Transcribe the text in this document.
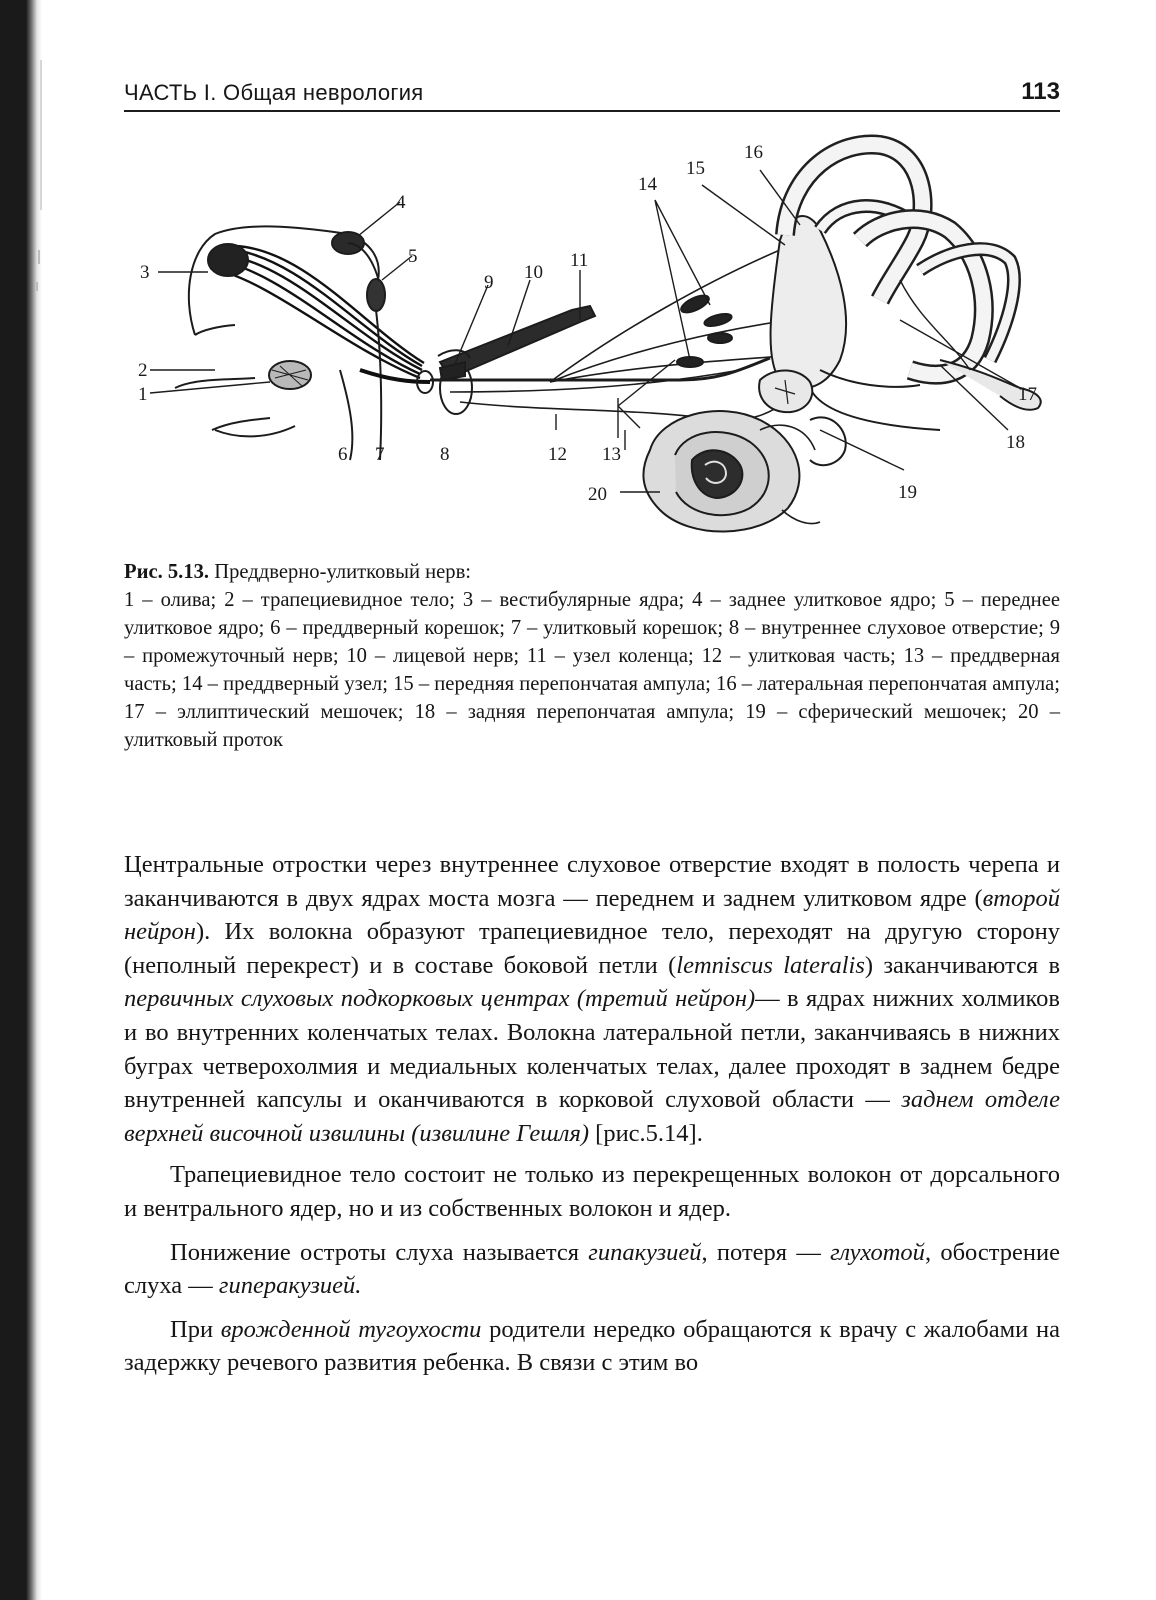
ЧАСТЬ I. Общая неврология	113
3
4
5
2
1
6 7	8
9 10
11
12 13
14
15
16
17
18
19
20
Рис. 5.13. Преддверно-улитковый нерв:
1 – олива; 2 – трапециевидное тело; 3 – вестибулярные ядра; 4 – заднее улитковое ядро; 5 – переднее улитковое ядро; 6 – преддверный корешок; 7 – улитковый корешок; 8 – внутреннее слуховое отверстие; 9 – промежуточный нерв; 10 – лицевой нерв; 11 – узел коленца; 12 – улитковая часть; 13 – преддверная часть; 14 – преддверный узел; 15 – передняя перепончатая ампула; 16 – латеральная перепончатая ампула; 17 – эллиптический мешочек; 18 – задняя перепончатая ампула; 19 – сферический мешочек; 20 – улитковый проток

Центральные отростки через внутреннее слуховое отверстие входят в полость черепа и заканчиваются в двух ядрах моста мозга — переднем и заднем улитковом ядре (второй нейрон). Их волокна образуют трапециевидное тело, переходят на другую сторону (неполный перекрест) и в составе боковой петли (lemniscus lateralis) заканчиваются в первичных слуховых подкорковых центрах (третий нейрон)— в ядрах нижних холмиков и во внутренних коленчатых телах. Волокна латеральной петли, заканчиваясь в нижних буграх четверохолмия и медиальных коленчатых телах, далее проходят в заднем бедре внутренней капсулы и оканчиваются в корковой слуховой области — заднем отделе верхней височной извилины (извилине Гешля) [рис.5.14].

Трапециевидное тело состоит не только из перекрещенных волокон от дорсального и вентрального ядер, но и из собственных волокон и ядер.

Понижение остроты слуха называется гипакузией, потеря — глухотой, обострение слуха — гиперакузией.

При врожденной тугоухости родители нередко обращаются к врачу с жалобами на задержку речевого развития ребенка. В связи с этим во
